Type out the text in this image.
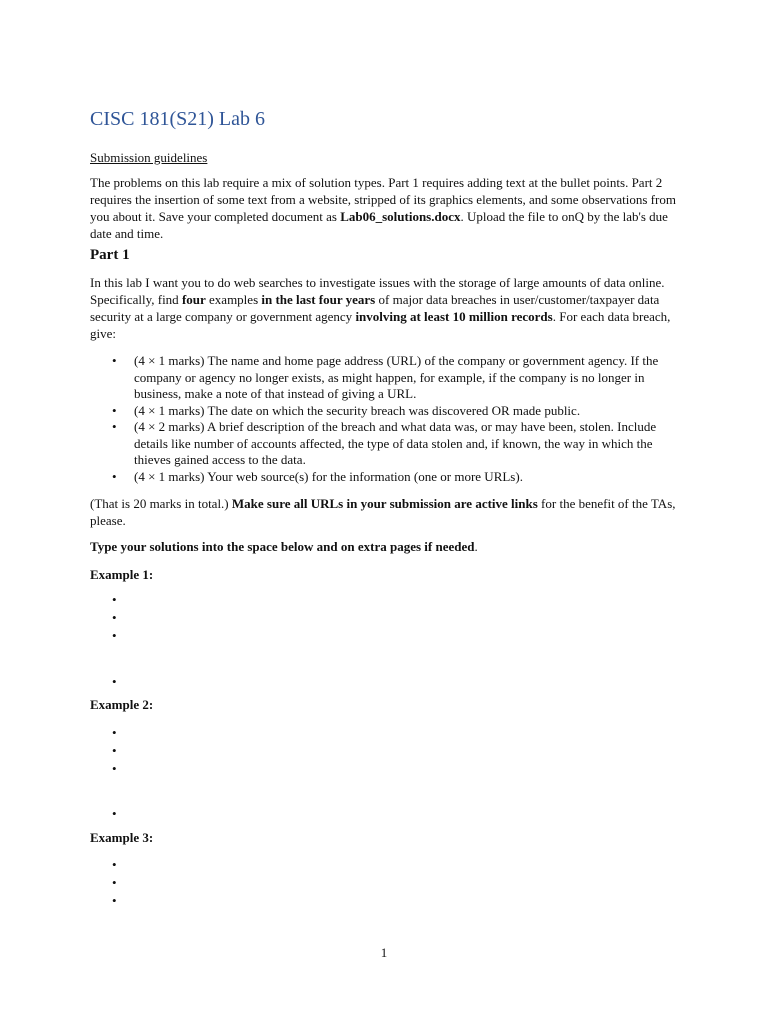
CISC 181(S21) Lab 6
Submission guidelines
The problems on this lab require a mix of solution types. Part 1 requires adding text at the bullet points. Part 2 requires the insertion of some text from a website, stripped of its graphics elements, and some observations from you about it. Save your completed document as Lab06_solutions.docx. Upload the file to onQ by the lab's due date and time.
Part 1
In this lab I want you to do web searches to investigate issues with the storage of large amounts of data online. Specifically, find four examples in the last four years of major data breaches in user/customer/taxpayer data security at a large company or government agency involving at least 10 million records. For each data breach, give:
• (4 × 1 marks) The name and home page address (URL) of the company or government agency. If the company or agency no longer exists, as might happen, for example, if the company is no longer in business, make a note of that instead of giving a URL.
• (4 × 1 marks) The date on which the security breach was discovered OR made public.
• (4 × 2 marks) A brief description of the breach and what data was, or may have been, stolen. Include details like number of accounts affected, the type of data stolen and, if known, the way in which the thieves gained access to the data.
• (4 × 1 marks) Your web source(s) for the information (one or more URLs).
(That is 20 marks in total.) Make sure all URLs in your submission are active links for the benefit of the TAs, please.
Type your solutions into the space below and on extra pages if needed.
Example 1:
•
•
•
•
Example 2:
•
•
•
•
Example 3:
•
•
•
1
